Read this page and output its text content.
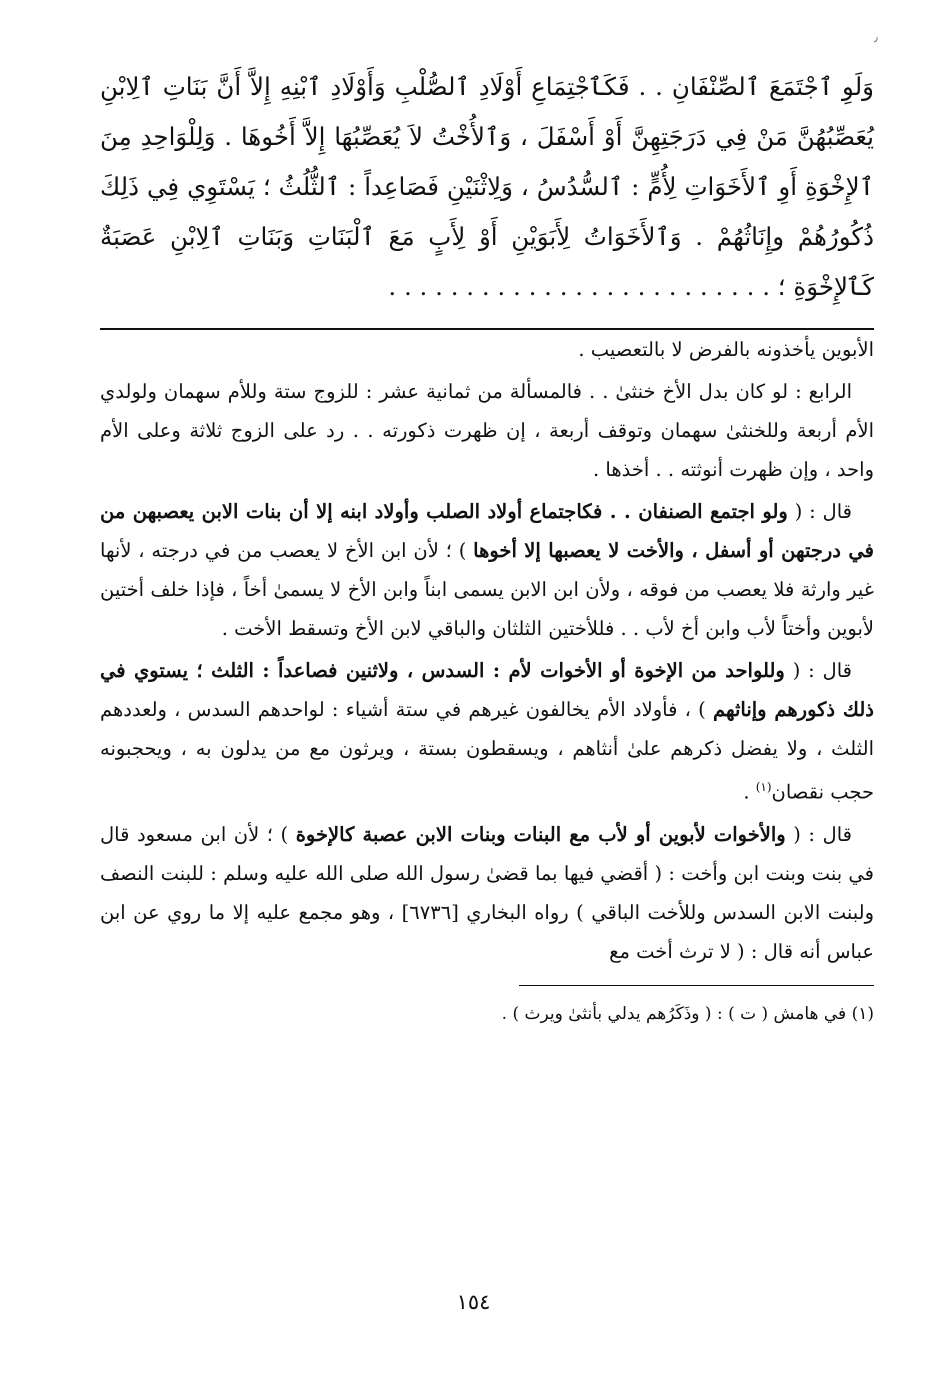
٫

وَلَوِ ٱجْتَمَعَ ٱلصِّنْفَانِ . . فَكَٱجْتِمَاعِ أَوْلَادِ ٱلصُّلْبِ وَأَوْلَادِ ٱبْنِهِ إِلاَّ أَنَّ بَنَاتِ ٱلِابْنِ يُعَصِّبُهُنَّ مَنْ فِي دَرَجَتِهِنَّ أَوْ أَسْفَلَ ، وَٱلأُخْتُ لاَ يُعَصِّبُهَا إِلاَّ أَخُوهَا . وَلِلْوَاحِدِ مِنَ ٱلإِخْوَةِ أَوِ ٱلأَخَوَاتِ لِأُمٍّ : ٱلسُّدُسُ ، وَلِاثْنَيْنِ فَصَاعِداً : ٱلثُّلُثُ ؛ يَسْتَوِي فِي ذَلِكَ ذُكُورُهُمْ وإِنَاثُهُمْ . وَٱلأَخَوَاتُ لِأَبَوَيْنِ أَوْ لِأَبٍ مَعَ ٱلْبَنَاتِ وَبَنَاتِ ٱلِابْنِ عَصَبَةٌ كَٱلإِخْوَةِ ؛ . . . . . . . . . . . . . . . . . . . . . . . . .

الأبوين يأخذونه بالفرض لا بالتعصيب .

الرابع : لو كان بدل الأخ خنثىٰ . . فالمسألة من ثمانية عشر : للزوج ستة وللأم سهمان ولولدي الأم أربعة وللخنثىٰ سهمان وتوقف أربعة ، إن ظهرت ذكورته . . رد على الزوج ثلاثة وعلى الأم واحد ، وإن ظهرت أنوثته . . أخذها .

قال : ( ولو اجتمع الصنفان . . فكاجتماع أولاد الصلب وأولاد ابنه إلا أن بنات الابن يعصبهن من في درجتهن أو أسفل ، والأخت لا يعصبها إلا أخوها ) ؛ لأن ابن الأخ لا يعصب من في درجته ، لأنها غير وارثة فلا يعصب من فوقه ، ولأن ابن الابن يسمى ابناً وابن الأخ لا يسمىٰ أخاً ، فإذا خلف أختين لأبوين وأختاً لأب وابن أخ لأب . . فللأختين الثلثان والباقي لابن الأخ وتسقط الأخت .

قال : ( وللواحد من الإخوة أو الأخوات لأم : السدس ، ولاثنين فصاعداً : الثلث ؛ يستوي في ذلك ذكورهم وإناثهم ) ، فأولاد الأم يخالفون غيرهم في ستة أشياء : لواحدهم السدس ، ولعددهم الثلث ، ولا يفضل ذكرهم علىٰ أنثاهم ، ويسقطون بستة ، ويرثون مع من يدلون به ، ويحجبونه حجب نقصان$^{(١)}$ .

قال : ( والأخوات لأبوين أو لأب مع البنات وبنات الابن عصبة كالإخوة ) ؛ لأن ابن مسعود قال في بنت وبنت ابن وأخت : ( أقضي فيها بما قضىٰ رسول الله صلى الله عليه وسلم : للبنت النصف ولبنت الابن السدس وللأخت الباقي ) رواه البخاري [٦٧٣٦] ، وهو مجمع عليه إلا ما روي عن ابن عباس أنه قال : ( لا ترث أخت مع

(١) في هامش ( ت ) : ( وذَكَرُهم يدلي بأنثىٰ ويرث ) .

١٥٤
